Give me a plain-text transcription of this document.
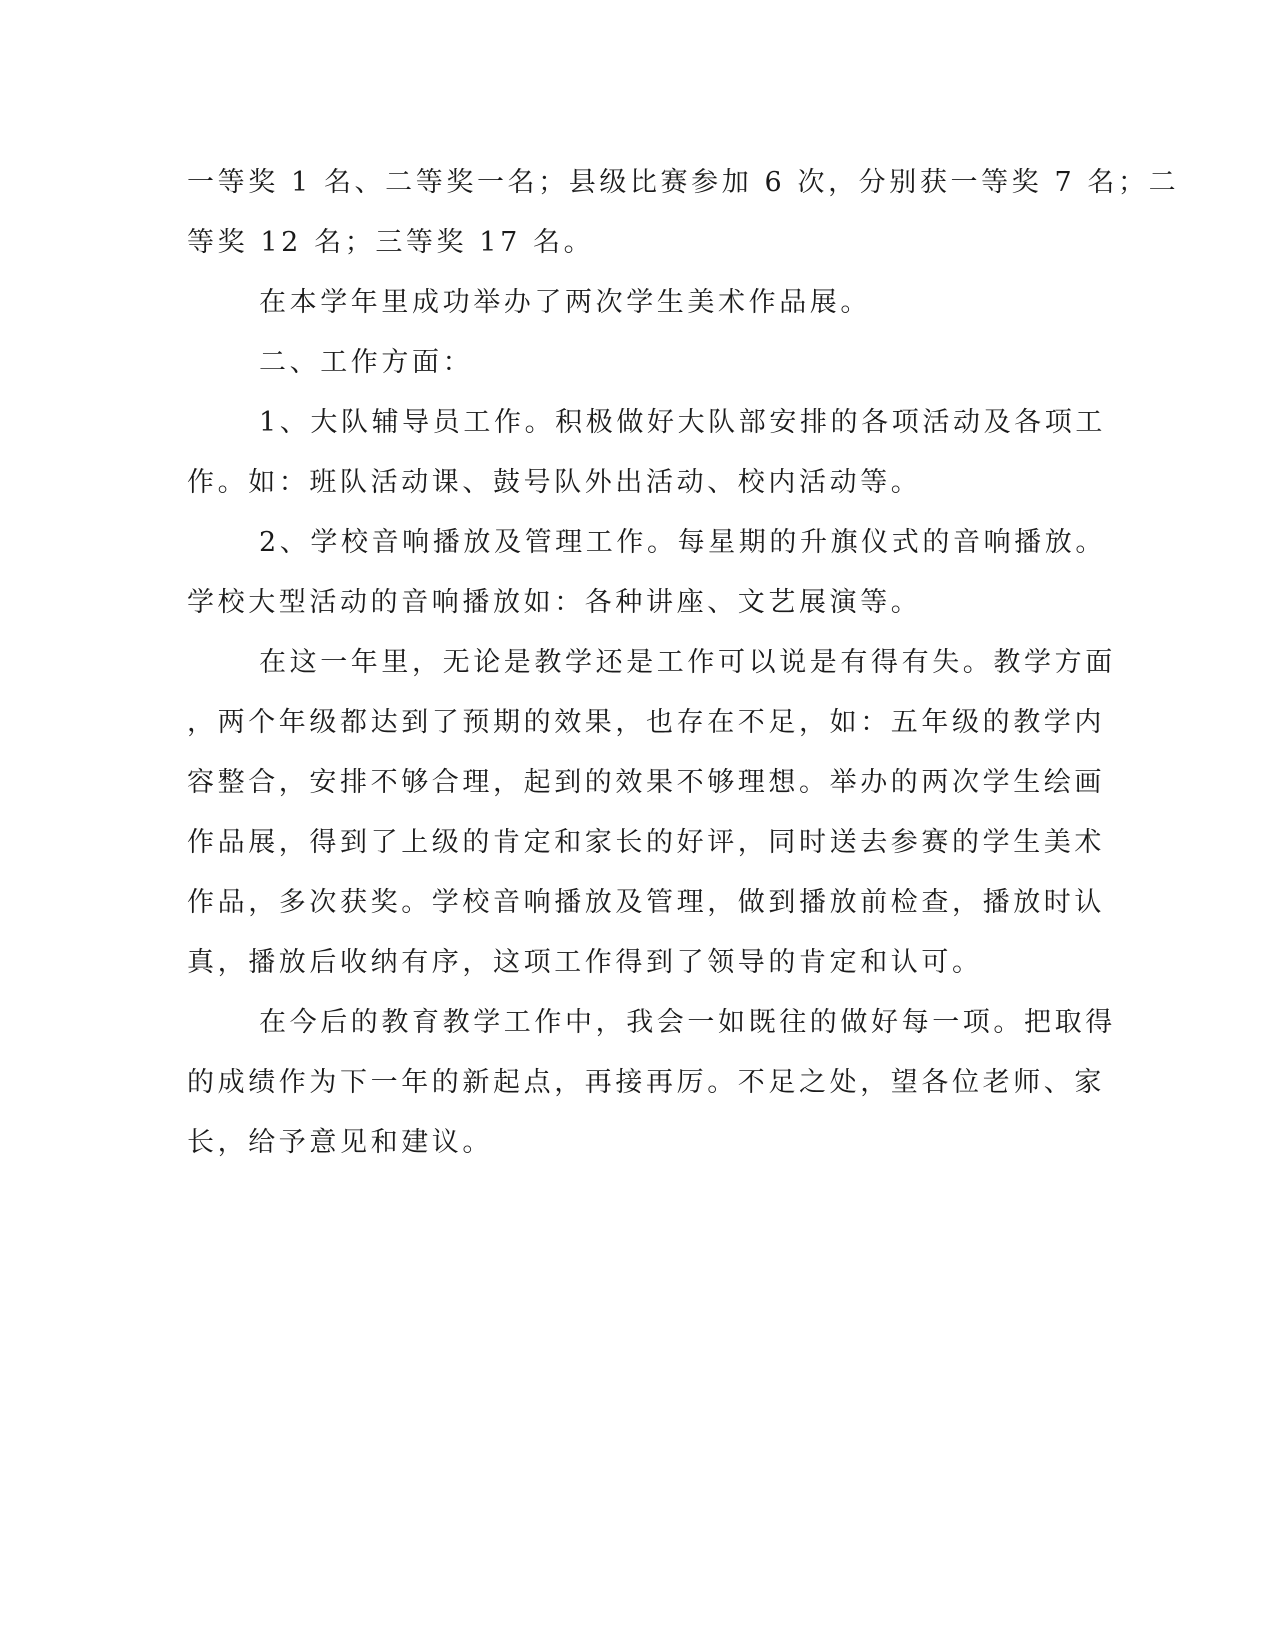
一等奖 1 名、二等奖一名；县级比赛参加 6 次，分别获一等奖 7 名；二
等奖 12 名；三等奖 17 名。

在本学年里成功举办了两次学生美术作品展。

二、工作方面：

1、大队辅导员工作。积极做好大队部安排的各项活动及各项工
作。如：班队活动课、鼓号队外出活动、校内活动等。

2、学校音响播放及管理工作。每星期的升旗仪式的音响播放。
学校大型活动的音响播放如：各种讲座、文艺展演等。

在这一年里，无论是教学还是工作可以说是有得有失。教学方面
，两个年级都达到了预期的效果，也存在不足，如：五年级的教学内
容整合，安排不够合理，起到的效果不够理想。举办的两次学生绘画
作品展，得到了上级的肯定和家长的好评，同时送去参赛的学生美术
作品，多次获奖。学校音响播放及管理，做到播放前检查，播放时认
真，播放后收纳有序，这项工作得到了领导的肯定和认可。

在今后的教育教学工作中，我会一如既往的做好每一项。把取得
的成绩作为下一年的新起点，再接再厉。不足之处，望各位老师、家
长，给予意见和建议。
